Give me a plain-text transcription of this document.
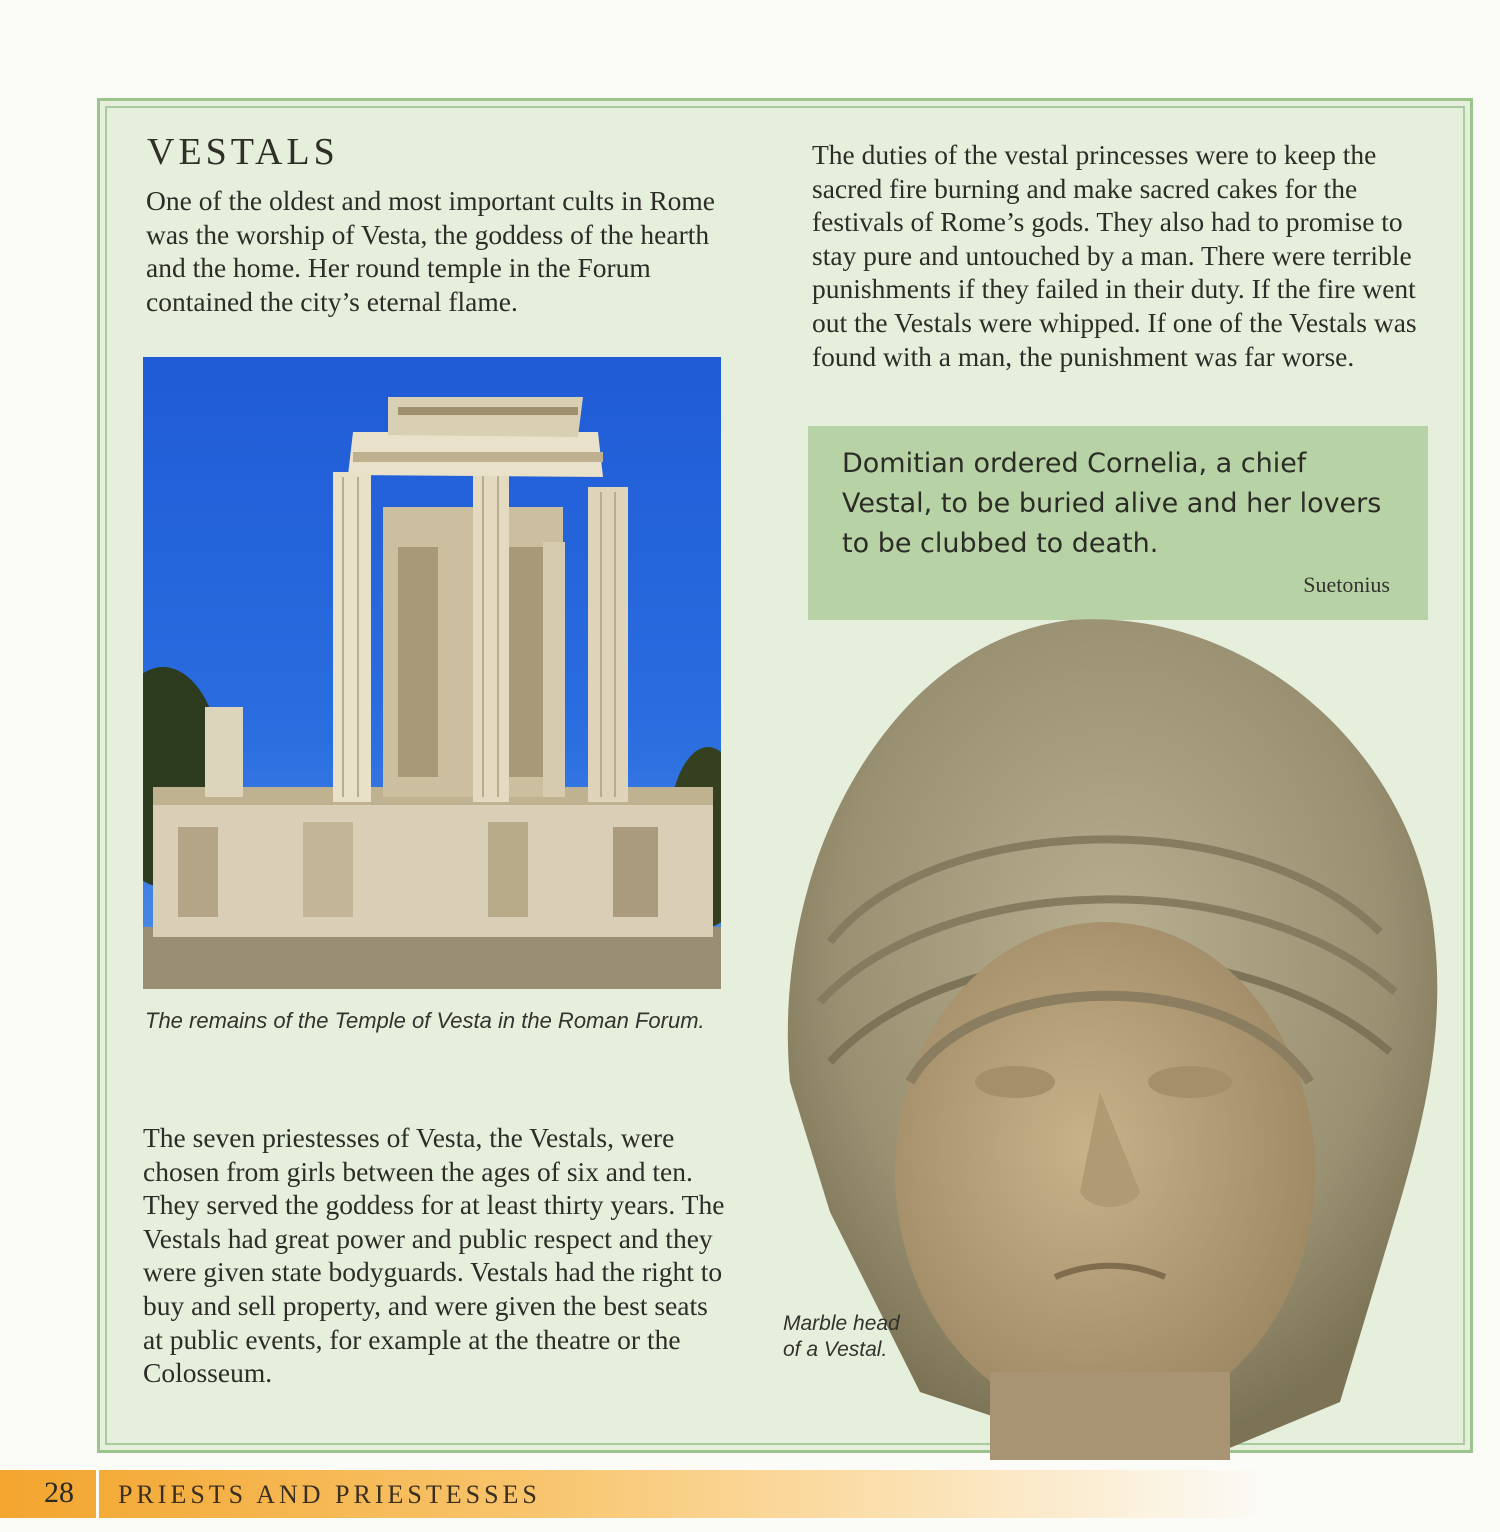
VESTALS

One of the oldest and most important cults in Rome was the worship of Vesta, the goddess of the hearth and the home. Her round temple in the Forum contained the city’s eternal flame.

The duties of the vestal princesses were to keep the sacred fire burning and make sacred cakes for the festivals of Rome’s gods. They also had to promise to stay pure and untouched by a man. There were terrible punishments if they failed in their duty. If the fire went out the Vestals were whipped. If one of the Vestals was found with a man, the punishment was far worse.

The remains of the Temple of Vesta in the Roman Forum.

Domitian ordered Cornelia, a chief Vestal, to be buried alive and her lovers to be clubbed to death.

Suetonius

The seven priestesses of Vesta, the Vestals, were chosen from girls between the ages of six and ten. They served the goddess for at least thirty years. The Vestals had great power and public respect and they were given state bodyguards. Vestals had the right to buy and sell property, and were given the best seats at public events, for example at the theatre or the Colosseum.

Marble head of a Vestal.
28 PRIESTS AND PRIESTESSES
